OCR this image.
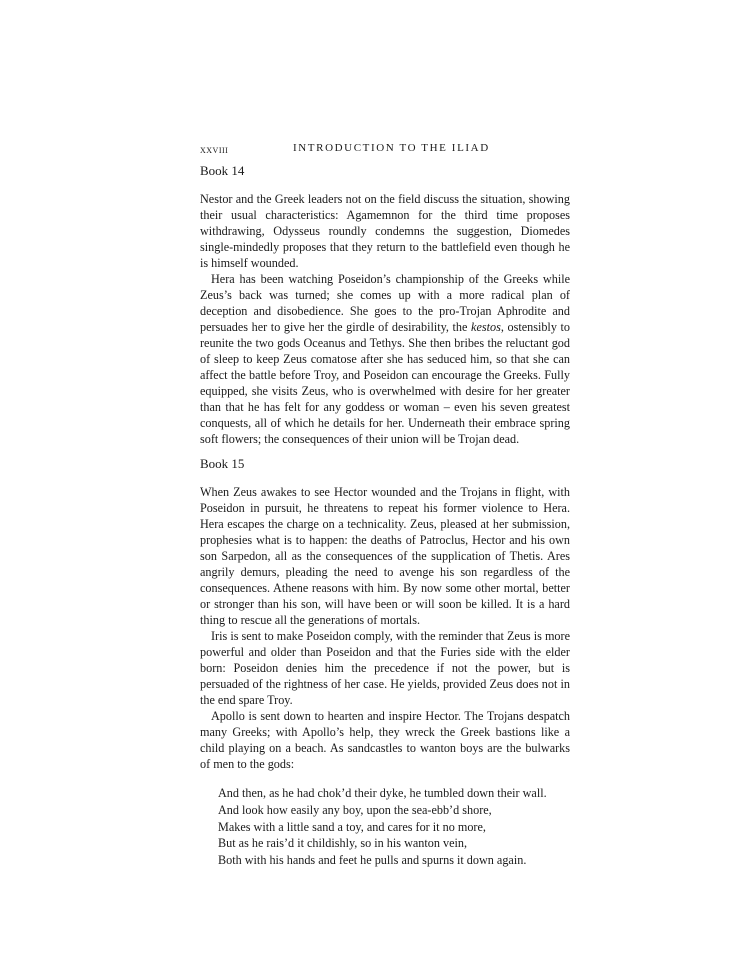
xxviii	INTRODUCTION TO THE ILIAD
Book 14

Nestor and the Greek leaders not on the field discuss the situation, showing their usual characteristics: Agamemnon for the third time proposes withdrawing, Odysseus roundly condemns the suggestion, Diomedes single-mindedly proposes that they return to the battlefield even though he is himself wounded.

Hera has been watching Poseidon’s championship of the Greeks while Zeus’s back was turned; she comes up with a more radical plan of deception and disobedience. She goes to the pro-Trojan Aphrodite and persuades her to give her the girdle of desirability, the kestos, ostensibly to reunite the two gods Oceanus and Tethys. She then bribes the reluctant god of sleep to keep Zeus comatose after she has seduced him, so that she can affect the battle before Troy, and Poseidon can encourage the Greeks. Fully equipped, she visits Zeus, who is overwhelmed with desire for her greater than that he has felt for any goddess or woman – even his seven greatest conquests, all of which he details for her. Underneath their embrace spring soft flowers; the consequences of their union will be Trojan dead.

Book 15

When Zeus awakes to see Hector wounded and the Trojans in flight, with Poseidon in pursuit, he threatens to repeat his former violence to Hera. Hera escapes the charge on a technicality. Zeus, pleased at her submission, prophesies what is to happen: the deaths of Patroclus, Hector and his own son Sarpedon, all as the consequences of the supplication of Thetis. Ares angrily demurs, pleading the need to avenge his son regardless of the consequences. Athene reasons with him. By now some other mortal, better or stronger than his son, will have been or will soon be killed. It is a hard thing to rescue all the generations of mortals.

Iris is sent to make Poseidon comply, with the reminder that Zeus is more powerful and older than Poseidon and that the Furies side with the elder born: Poseidon denies him the precedence if not the power, but is persuaded of the rightness of her case. He yields, provided Zeus does not in the end spare Troy.

Apollo is sent down to hearten and inspire Hector. The Trojans despatch many Greeks; with Apollo’s help, they wreck the Greek bastions like a child playing on a beach. As sandcastles to wanton boys are the bulwarks of men to the gods:

And then, as he had chok’d their dyke, he tumbled down their wall.
And look how easily any boy, upon the sea-ebb’d shore,
Makes with a little sand a toy, and cares for it no more,
But as he rais’d it childishly, so in his wanton vein,
Both with his hands and feet he pulls and spurns it down again.
